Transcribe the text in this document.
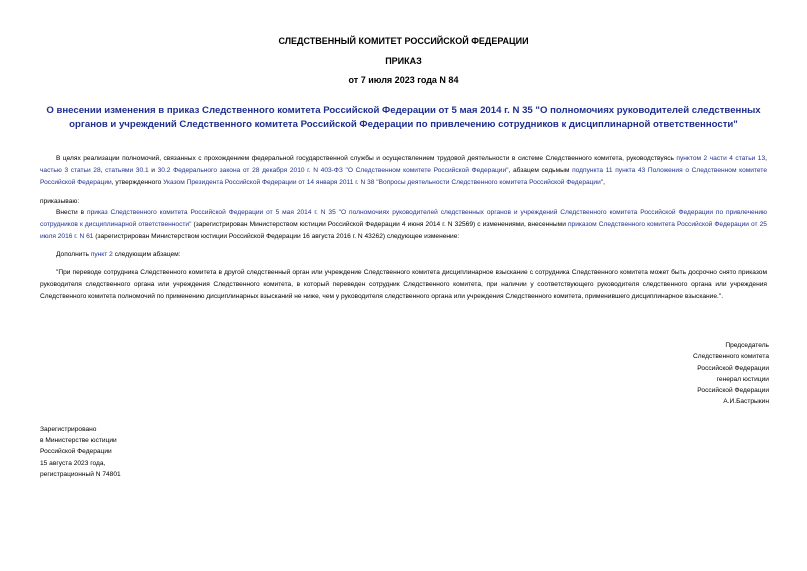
СЛЕДСТВЕННЫЙ КОМИТЕТ РОССИЙСКОЙ ФЕДЕРАЦИИ
ПРИКАЗ
от 7 июля 2023 года N 84
О внесении изменения в приказ Следственного комитета Российской Федерации от 5 мая 2014 г. N 35 "О полномочиях руководителей следственных органов и учреждений Следственного комитета Российской Федерации по привлечению сотрудников к дисциплинарной ответственности"
В целях реализации полномочий, связанных с прохождением федеральной государственной службы и осуществлением трудовой деятельности в системе Следственного комитета, руководствуясь пунктом 2 части 4 статьи 13, частью 3 статьи 28, статьями 30.1 и 30.2 Федерального закона от 28 декабря 2010 г. N 403-ФЗ "О Следственном комитете Российской Федерации", абзацем седьмым подпункта 11 пункта 43 Положения о Следственном комитете Российской Федерации, утвержденного Указом Президента Российской Федерации от 14 января 2011 г. N 38 "Вопросы деятельности Следственного комитета Российской Федерации",
приказываю:
Внести в приказ Следственного комитета Российской Федерации от 5 мая 2014 г. N 35 "О полномочиях руководителей следственных органов и учреждений Следственного комитета Российской Федерации по привлечению сотрудников к дисциплинарной ответственности" (зарегистрирован Министерством юстиции Российской Федерации 4 июня 2014 г. N 32569) с изменениями, внесенными приказом Следственного комитета Российской Федерации от 25 июля 2016 г. N 61 (зарегистрирован Министерством юстиции Российской Федерации 16 августа 2016 г. N 43262) следующее изменение:
Дополнить пункт 2 следующим абзацем:
"При переводе сотрудника Следственного комитета в другой следственный орган или учреждение Следственного комитета дисциплинарное взыскание с сотрудника Следственного комитета может быть досрочно снято приказом руководителя следственного органа или учреждения Следственного комитета, в который переведен сотрудник Следственного комитета, при наличии у соответствующего руководителя следственного органа или учреждения Следственного комитета полномочий по применению дисциплинарных взысканий не ниже, чем у руководителя следственного органа или учреждения Следственного комитета, применившего дисциплинарное взыскание.".
Председатель
Следственного комитета
Российской Федерации
генерал юстиции
Российской Федерации
А.И.Бастрыкин
Зарегистрировано
в Министерстве юстиции
Российской Федерации
15 августа 2023 года,
регистрационный N 74801
